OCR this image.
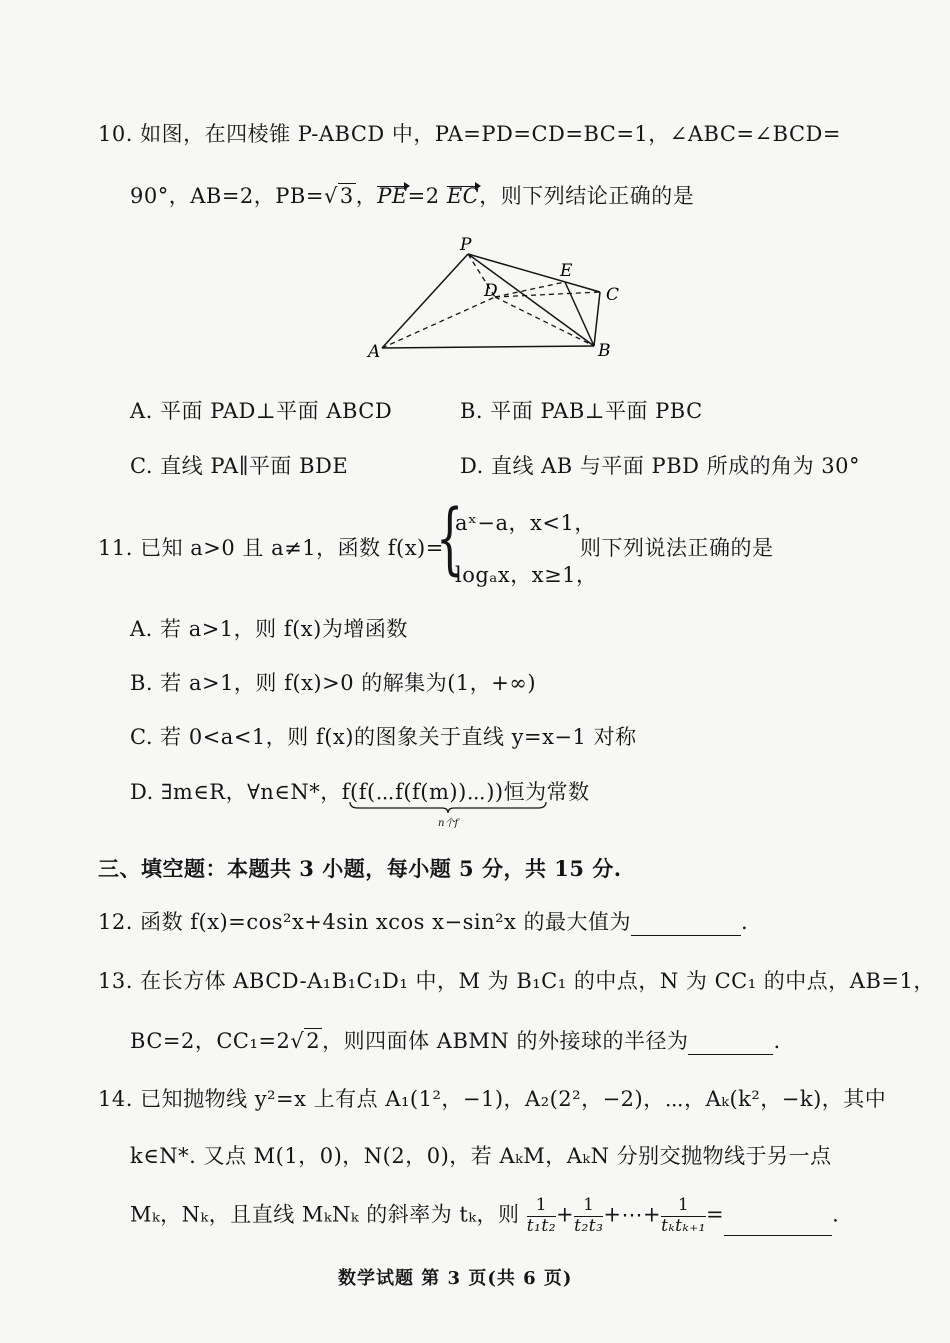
10. 如图，在四棱锥 P-ABCD 中，PA=PD=CD=BC=1，∠ABC=∠BCD=
90°，AB=2，PB=√3，PE=2 EC，则下列结论正确的是
P
E
D	C
A	B
A. 平面 PAD⊥平面 ABCD	B. 平面 PAB⊥平面 PBC
C. 直线 PA∥平面 BDE	D. 直线 AB 与平面 PBD 所成的角为 30°
11. 已知 a>0 且 a≠1，函数 f(x)=
{
aˣ−a，x<1，
logₐx，x≥1，
则下列说法正确的是
A. 若 a>1，则 f(x)为增函数
B. 若 a>1，则 f(x)>0 的解集为(1，+∞)
C. 若 0<a<1，则 f(x)的图象关于直线 y=x−1 对称
D. ∃m∈R，∀n∈N*，f(f(⋯f(f(m))⋯))恒为常数
n个f
三、填空题：本题共 3 小题，每小题 5 分，共 15 分.
12. 函数 f(x)=cos²x+4sin xcos x−sin²x 的最大值为	.
13. 在长方体 ABCD-A₁B₁C₁D₁ 中，M 为 B₁C₁ 的中点，N 为 CC₁ 的中点，AB=1，
BC=2，CC₁=2√2，则四面体 ABMN 的外接球的半径为	.
14. 已知抛物线 y²=x 上有点 A₁(1²，−1)，A₂(2²，−2)，⋯，Aₖ(k²，−k)，其中
k∈N*. 又点 M(1，0)，N(2，0)，若 AₖM，AₖN 分别交抛物线于另一点
Mₖ，Nₖ，且直线 MₖNₖ 的斜率为 tₖ，则 $\frac{1}{\text{t₁t₂}} + \frac{1}{\text{t₂t₃}}$ +⋯+ $\frac{1}{\text{tₖtₖ₊₁}}$ =	.
数学试题 第 3 页(共 6 页)
